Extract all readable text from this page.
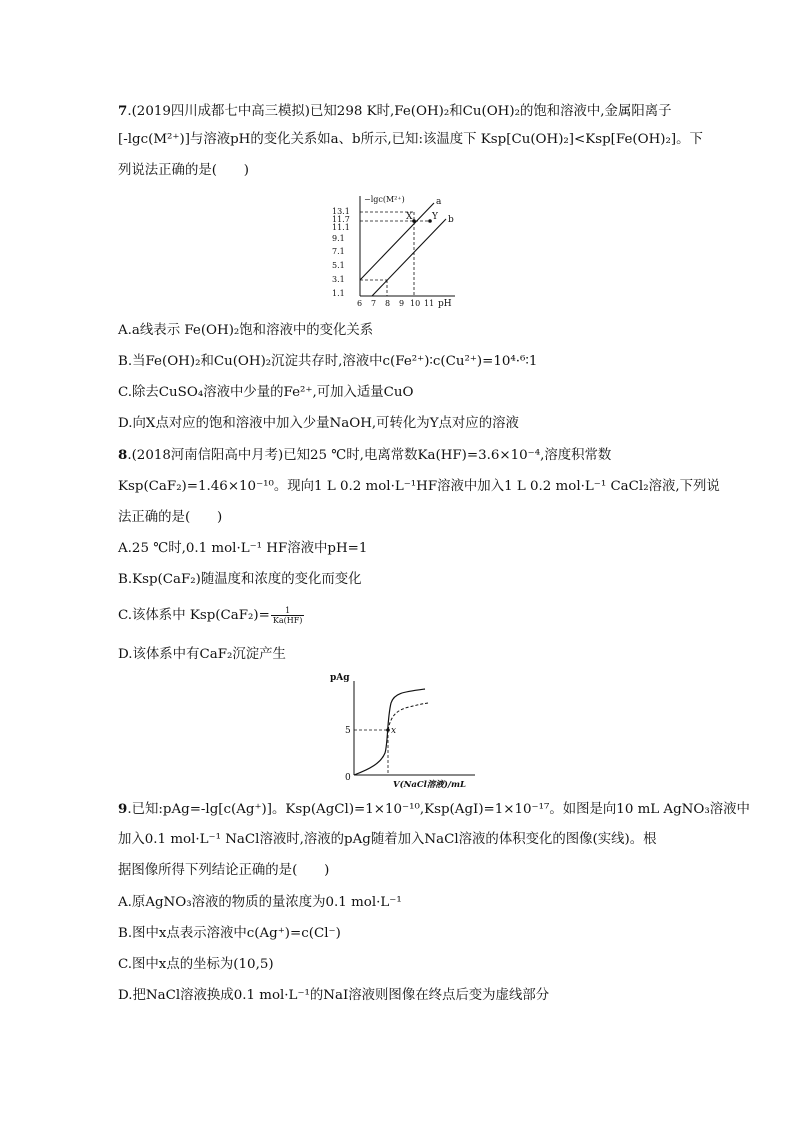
7.(2019四川成都七中高三模拟)已知298 K时,Fe(OH)₂和Cu(OH)₂的饱和溶液中,金属阳离子
[-lgc(M²⁺)]与溶液pH的变化关系如a、b所示,已知:该温度下 Ksp[Cu(OH)₂]<Ksp[Fe(OH)₂]。下
列说法正确的是(　　)
−lgc(M²⁺)
13.1
11.7
11.1
9.1
7.1
5.1
3.1
1.1
6 7 8 9 10 11 pH
a
b
X Y
A.a线表示 Fe(OH)₂饱和溶液中的变化关系
B.当Fe(OH)₂和Cu(OH)₂沉淀共存时,溶液中c(Fe²⁺)∶c(Cu²⁺)=10⁴·⁶∶1
C.除去CuSO₄溶液中少量的Fe²⁺,可加入适量CuO
D.向X点对应的饱和溶液中加入少量NaOH,可转化为Y点对应的溶液
8.(2018河南信阳高中月考)已知25 ℃时,电离常数Ka(HF)=3.6×10⁻⁴,溶度积常数
Ksp(CaF₂)=1.46×10⁻¹⁰。现向1 L 0.2 mol·L⁻¹HF溶液中加入1 L 0.2 mol·L⁻¹ CaCl₂溶液,下列说
法正确的是(　　)
A.25 ℃时,0.1 mol·L⁻¹ HF溶液中pH=1
B.Ksp(CaF₂)随温度和浓度的变化而变化
C.该体系中 $Ksp(CaF_2)= \frac{1}{Ka(HF)}$
D.该体系中有CaF₂沉淀产生
pAg
0
5
V(NaCl溶液)/mL
x
9.已知:pAg=-lg[c(Ag⁺)]。Ksp(AgCl)=1×10⁻¹⁰,Ksp(AgI)=1×10⁻¹⁷。如图是向10 mL AgNO₃溶液中
加入0.1 mol·L⁻¹ NaCl溶液时,溶液的pAg随着加入NaCl溶液的体积变化的图像(实线)。根
据图像所得下列结论正确的是(　　)
A.原AgNO₃溶液的物质的量浓度为0.1 mol·L⁻¹
B.图中x点表示溶液中c(Ag⁺)=c(Cl⁻)
C.图中x点的坐标为(10,5)
D.把NaCl溶液换成0.1 mol·L⁻¹的NaI溶液则图像在终点后变为虚线部分
